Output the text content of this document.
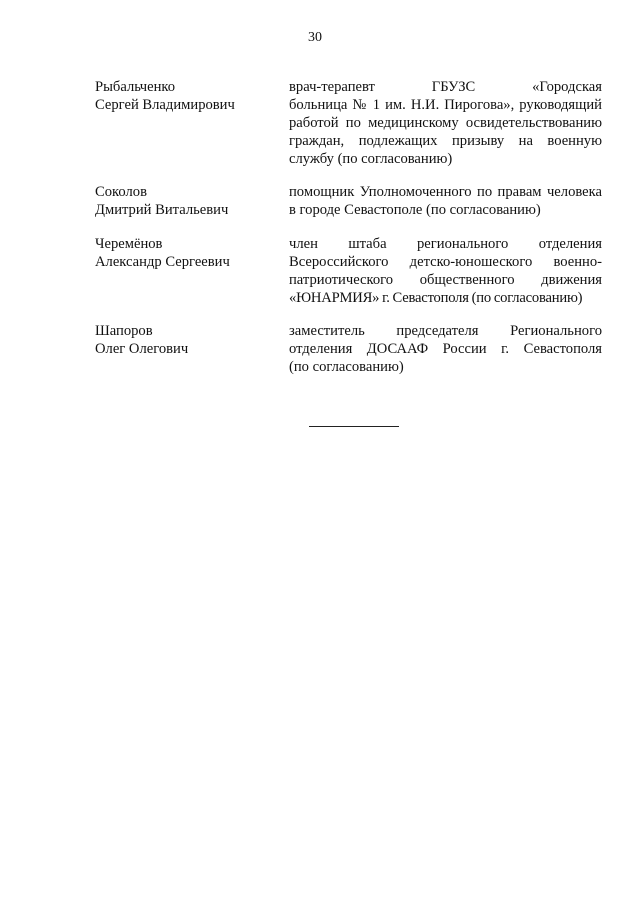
30
Рыбальченко
Сергей Владимирович
врач-терапевт ГБУЗС «Городская
больница № 1 им. Н.И. Пирогова», руководящий
работой по медицинскому освидетельствованию
граждан, подлежащих призыву на военную
службу (по согласованию)
Соколов
Дмитрий Витальевич
помощник Уполномоченного по правам человека
в городе Севастополе (по согласованию)
Черемёнов
Александр Сергеевич
член штаба регионального отделения
Всероссийского детско-юношеского военно-
патриотического общественного движения
«ЮНАРМИЯ» г. Севастополя (по согласованию)
Шапоров
Олег Олегович
заместитель председателя Регионального
отделения ДОСААФ России г. Севастополя
(по согласованию)
